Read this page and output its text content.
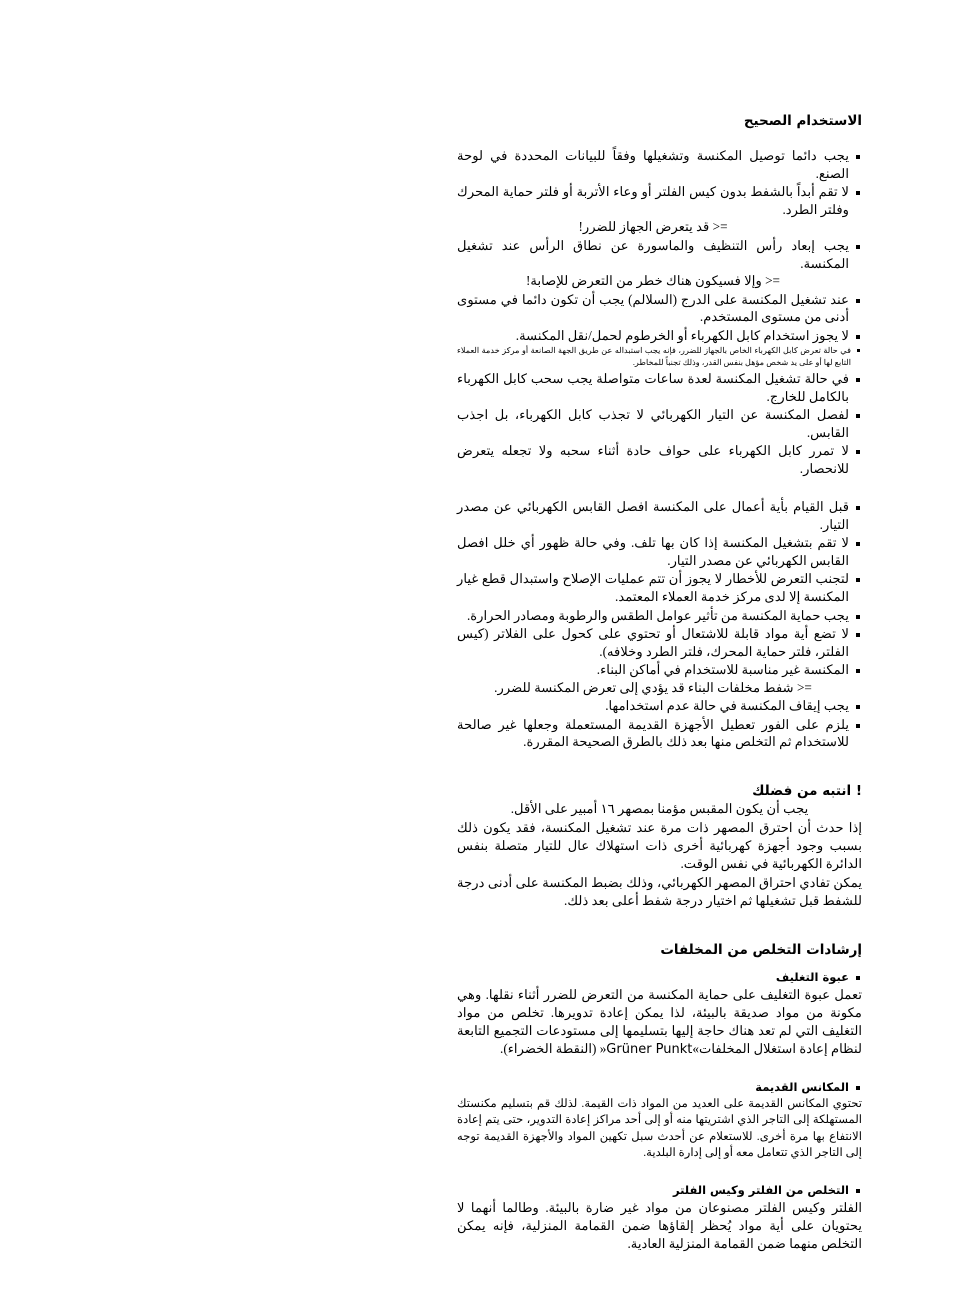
الاستخدام الصحيح
يجب دائما توصيل المكنسة وتشغيلها وفقاً للبيانات المحددة في لوحة الصنع.
لا تقم أبداً بالشفط بدون كيس الفلتر أو وعاء الأتربة أو فلتر حماية المحرك وفلتر الطرد.
=< قد يتعرض الجهاز للضرر!
يجب إبعاد رأس التنظيف والماسورة عن نطاق الرأس عند تشغيل المكنسة.
=< وإلا فسيكون هناك خطر من التعرض للإصابة!
عند تشغيل المكنسة على الدرج (السلالم) يجب أن تكون دائما في مستوى أدنى من مستوى المستخدم.
لا يجوز استخدام كابل الكهرباء أو الخرطوم لحمل/نقل المكنسة.
في حالة تعرض كابل الكهرباء الخاص بالجهاز للضرر، فإنه يجب استبداله عن طريق الجهة الصانعة أو مركز خدمة العملاء التابع لها أو على يد شخص مؤهل بنفس القدر، وذلك تجنباً للمخاطر.
في حالة تشغيل المكنسة لعدة ساعات متواصلة يجب سحب كابل الكهرباء بالكامل للخارج.
لفصل المكنسة عن التيار الكهربائي لا تجذب كابل الكهرباء، بل اجذب القابس.
لا تمرر كابل الكهرباء على حواف حادة أثناء سحبه ولا تجعله يتعرض للانحصار.
قبل القيام بأية أعمال على المكنسة افصل القابس الكهربائي عن مصدر التيار.
لا تقم بتشغيل المكنسة إذا كان بها تلف. وفي حالة ظهور أي خلل افصل القابس الكهربائي عن مصدر التيار.
لتجنب التعرض للأخطار لا يجوز أن تتم عمليات الإصلاح واستبدال قطع غيار المكنسة إلا لدى مركز خدمة العملاء المعتمد.
يجب حماية المكنسة من تأثير عوامل الطقس والرطوبة ومصادر الحرارة.
لا تضع أية مواد قابلة للاشتعال أو تحتوي على كحول على الفلاتر (كيس الفلتر، فلتر حماية المحرك، فلتر الطرد وخلافه).
المكنسة غير مناسبة للاستخدام في أماكن البناء.
=< شفط مخلفات البناء قد يؤدي إلى تعرض المكنسة للضرر.
يجب إيقاف المكنسة في حالة عدم استخدامها.
يلزم على الفور تعطيل الأجهزة القديمة المستعملة وجعلها غير صالحة للاستخدام ثم التخلص منها بعد ذلك بالطرق الصحيحة المقررة.
! انتبه من فضلك

يجب أن يكون المقبس مؤمنا بمصهر ١٦ أمبير على الأقل.

إذا حدث أن احترق المصهر ذات مرة عند تشغيل المكنسة، فقد يكون ذلك بسبب وجود أجهزة كهربائية أخرى ذات استهلاك عال للتيار متصلة بنفس الدائرة الكهربائية في نفس الوقت.

يمكن تفادي احتراق المصهر الكهربائي، وذلك بضبط المكنسة على أدنى درجة للشفط قبل تشغيلها ثم اختيار درجة شفط أعلى بعد ذلك.

إرشادات التخلص من المخلفات
عبوة التغليف
تعمل عبوة التغليف على حماية المكنسة من التعرض للضرر أثناء نقلها. وهي مكونة من مواد صديقة بالبيئة، لذا يمكن إعادة تدويرها. تخلص من مواد التغليف التي لم تعد هناك حاجة إليها بتسليمها إلى مستودعات التجميع التابعة لنظام إعادة استغلال المخلفات»Grüner Punkt« (النقطة الخضراء).
المكانس القديمة
تحتوي المكانس القديمة على العديد من المواد ذات القيمة. لذلك قم بتسليم مكنستك المستهلكة إلى التاجر الذي اشتريتها منه أو إلى أحد مراكز إعادة التدوير، حتى يتم إعادة الانتفاع بها مرة أخرى. للاستعلام عن أحدث سبل تكهين المواد والأجهزة القديمة توجه إلى التاجر الذي تتعامل معه أو إلى إدارة البلدية.
التخلص من الفلتر وكيس الفلتر
الفلتر وكيس الفلتر مصنوعان من مواد غير ضارة بالبيئة. وطالما أنهما لا يحتويان على أية مواد يُحظر إلقاؤها ضمن القمامة المنزلية، فإنه يمكن التخلص منهما ضمن القمامة المنزلية العادية.
